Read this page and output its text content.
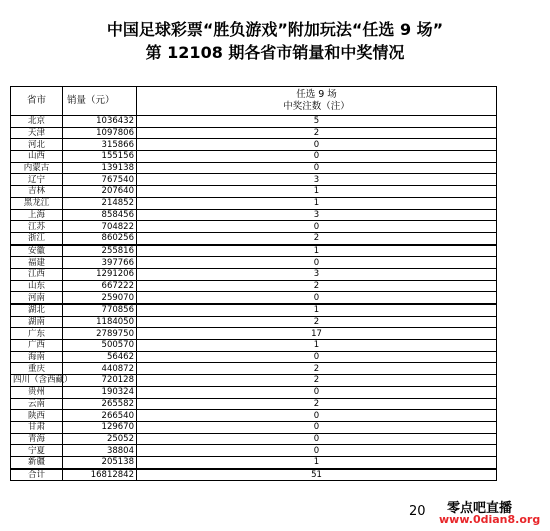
中国足球彩票“胜负游戏”附加玩法“任选 9 场”
第 12108 期各省市销量和中奖情况
省市	销量（元）	任选 9 场
中奖注数（注）

北京	1036432	5
天津	1097806	2
河北	315866	0
山西	155156	0
内蒙古	139138	0
辽宁	767540	3
吉林	207640	1
黑龙江	214852	1
上海	858456	3
江苏	704822	0
浙江	860256	2
安徽	255816	1
福建	397766	0
江西	1291206	3
山东	667222	2
河南	259070	0
湖北	770856	1
湖南	1184050	2
广东	2789750	17
广西	500570	1
海南	56462	0
重庆	440872	2
四川（含西藏）	720128	2
贵州	190324	0
云南	265582	2
陕西	266540	0
甘肃	129670	0
青海	25052	0
宁夏	38804	0
新疆	205138	1
合计	16812842	51
20 零点吧直播
www.0dian8.org
